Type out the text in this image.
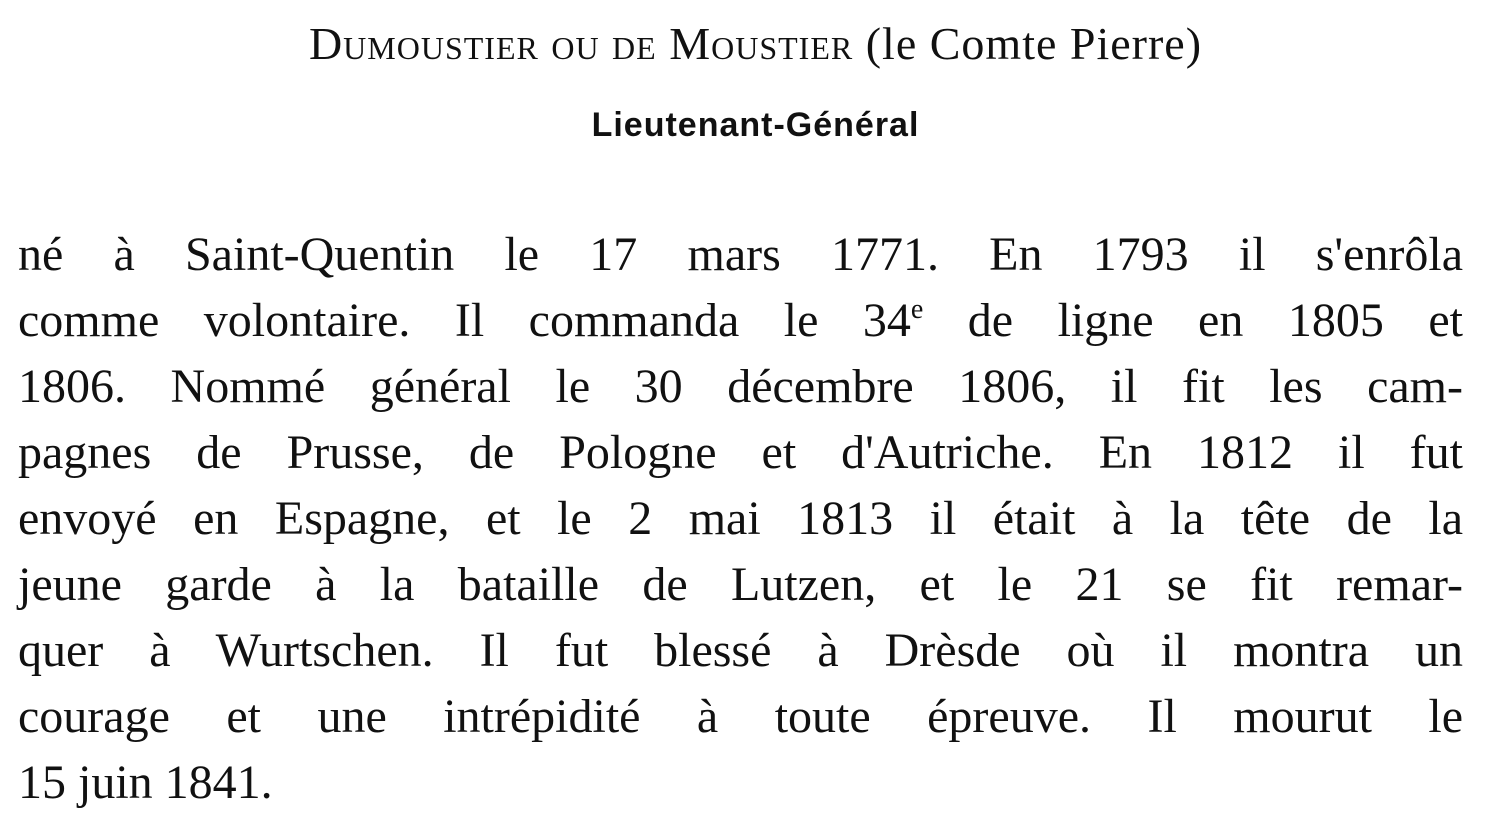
Dumoustier ou de Moustier (le Comte Pierre)
Lieutenant-Général
né à Saint-Quentin le 17 mars 1771. En 1793 il s'enrôla
comme volontaire. Il commanda le 34e de ligne en 1805 et
1806. Nommé général le 30 décembre 1806, il fit les cam-
pagnes de Prusse, de Pologne et d'Autriche. En 1812 il fut
envoyé en Espagne, et le 2 mai 1813 il était à la tête de la
jeune garde à la bataille de Lutzen, et le 21 se fit remar-
quer à Wurtschen. Il fut blessé à Drèsde où il montra un
courage et une intrépidité à toute épreuve. Il mourut le
15 juin 1841.
